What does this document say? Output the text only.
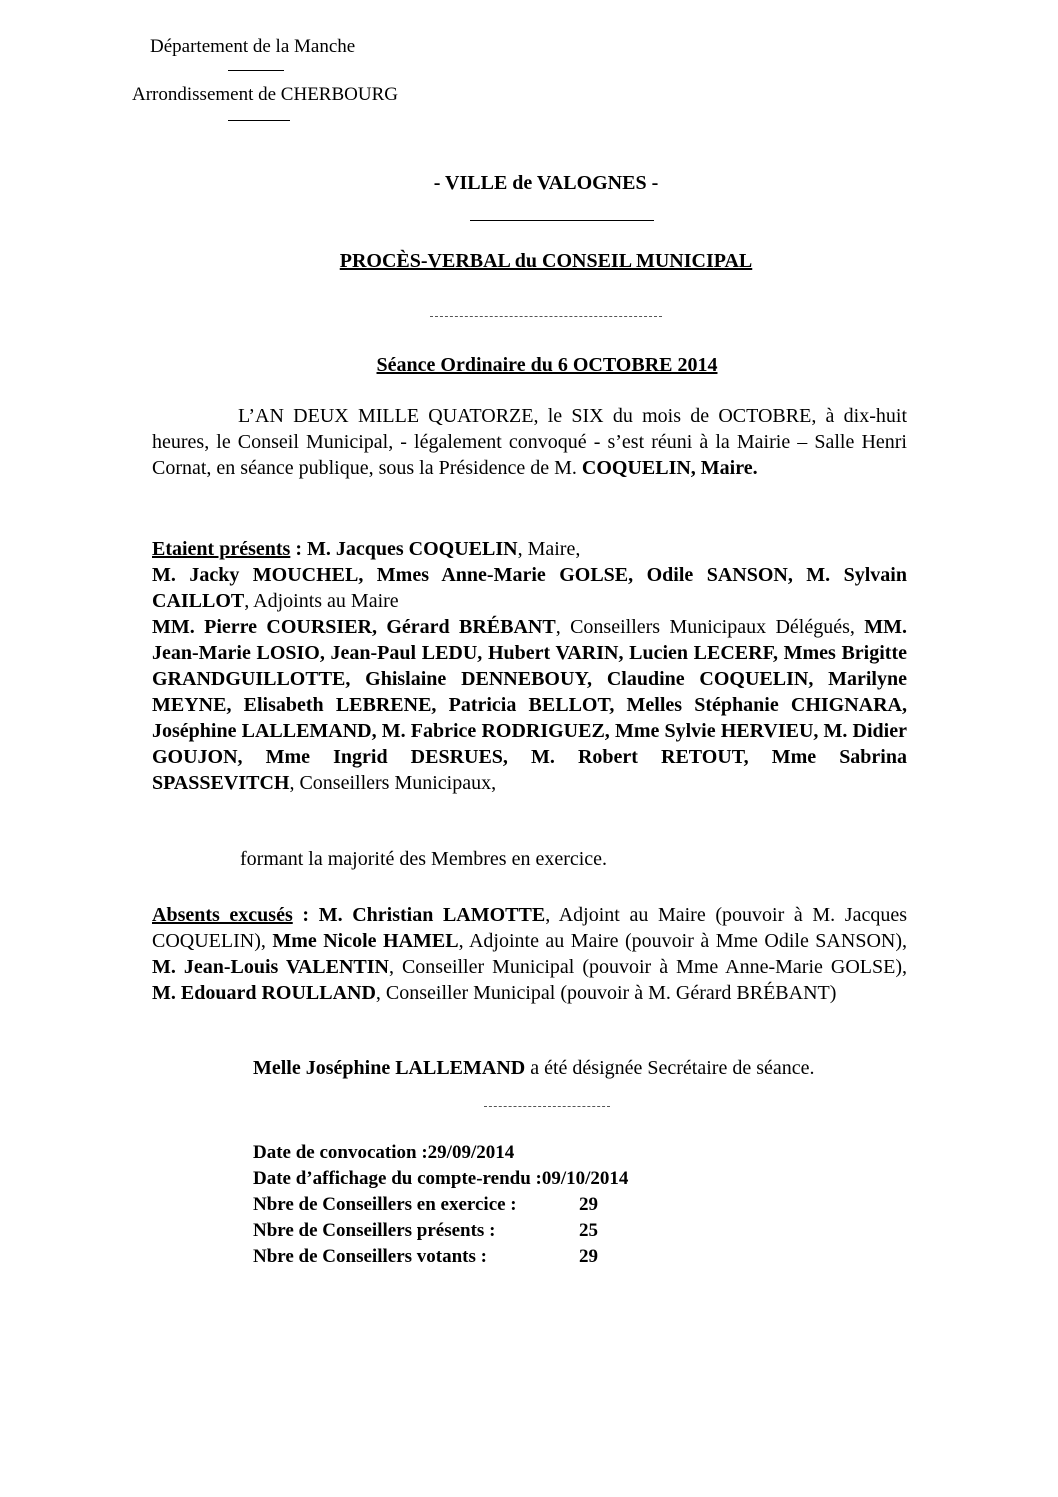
Département de la Manche
Arrondissement de CHERBOURG
- VILLE de VALOGNES -
PROCÈS-VERBAL du CONSEIL MUNICIPAL
Séance Ordinaire du 6 OCTOBRE 2014
L’AN DEUX MILLE QUATORZE, le SIX du mois de OCTOBRE, à dix-huit heures, le Conseil Municipal, - légalement convoqué - s’est réuni à la Mairie – Salle Henri Cornat, en séance publique, sous la Présidence de M. COQUELIN, Maire.
Etaient présents : M. Jacques COQUELIN, Maire,
M. Jacky MOUCHEL, Mmes Anne-Marie GOLSE, Odile SANSON, M. Sylvain CAILLOT, Adjoints au Maire
MM. Pierre COURSIER, Gérard BRÉBANT, Conseillers Municipaux Délégués, MM. Jean-Marie LOSIO, Jean-Paul LEDU, Hubert VARIN, Lucien LECERF, Mmes Brigitte GRANDGUILLOTTE, Ghislaine DENNEBOUY, Claudine COQUELIN, Marilyne MEYNE, Elisabeth LEBRENE, Patricia BELLOT, Melles Stéphanie CHIGNARA, Joséphine LALLEMAND, M. Fabrice RODRIGUEZ, Mme Sylvie HERVIEU, M. Didier GOUJON, Mme Ingrid DESRUES, M. Robert RETOUT, Mme Sabrina SPASSEVITCH, Conseillers Municipaux,
formant la majorité des Membres en exercice.
Absents excusés : M. Christian LAMOTTE, Adjoint au Maire (pouvoir à M. Jacques COQUELIN), Mme Nicole HAMEL, Adjointe au Maire (pouvoir à Mme Odile SANSON), M. Jean-Louis VALENTIN, Conseiller Municipal (pouvoir à Mme Anne-Marie GOLSE), M. Edouard ROULLAND, Conseiller Municipal (pouvoir à M. Gérard BRÉBANT)
Melle Joséphine LALLEMAND a été désignée Secrétaire de séance.
Date de convocation : 29/09/2014
Date d’affichage du compte-rendu : 09/10/2014
Nbre de Conseillers en exercice :	29
Nbre de Conseillers présents :	25
Nbre de Conseillers votants :	29
